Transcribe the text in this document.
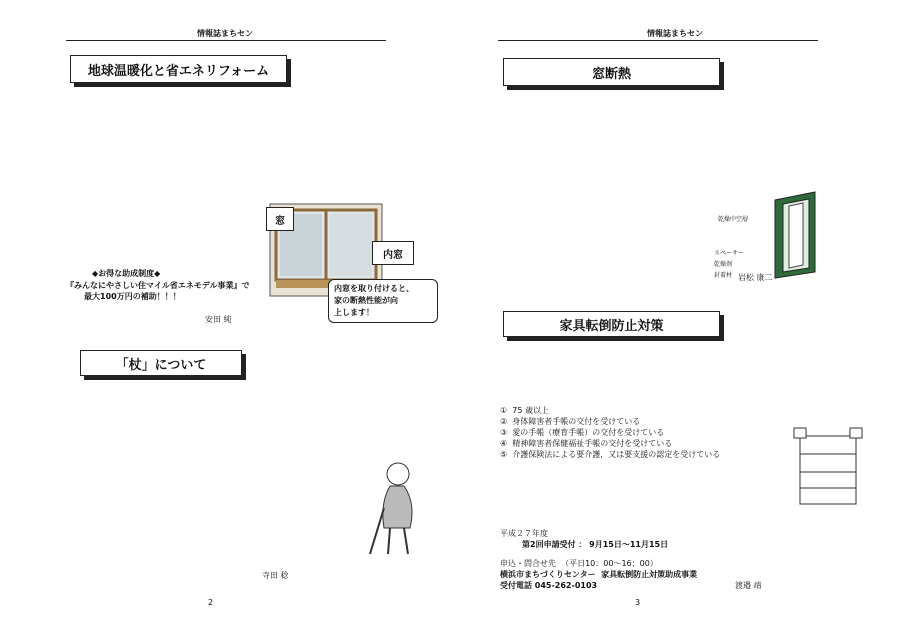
情報誌まちセン
地球温暖化と省エネリフォーム
◆お得な助成制度◆
『みんなにやさしい住マイル省エネモデル事業』で
最大100万円の補助！！！
安田 純
窓
内窓
内窓を取り付けると、
家の断熱性能が向
上します！
「杖」について
寺田 稔
2
情報誌まちセン
窓断熱
岩松 康二
乾燥中空層
スペーサー
乾燥剤
封着材
家具転倒防止対策
①  75 歳以上
②  身体障害者手帳の交付を受けている
③  愛の手帳（療育手帳）の交付を受けている
④  精神障害者保健福祉手帳の交付を受けている
⑤  介護保険法による要介護，又は要支援の認定を受けている
平成２７年度
第2回申請受付 ： 9月15日～11月15日
申込・問合せ先  （平日10：00～16：00）
横浜市まちづくりセンター  家具転倒防止対策助成事業
受付電話 045-262-0103	渡邉 靖
3
